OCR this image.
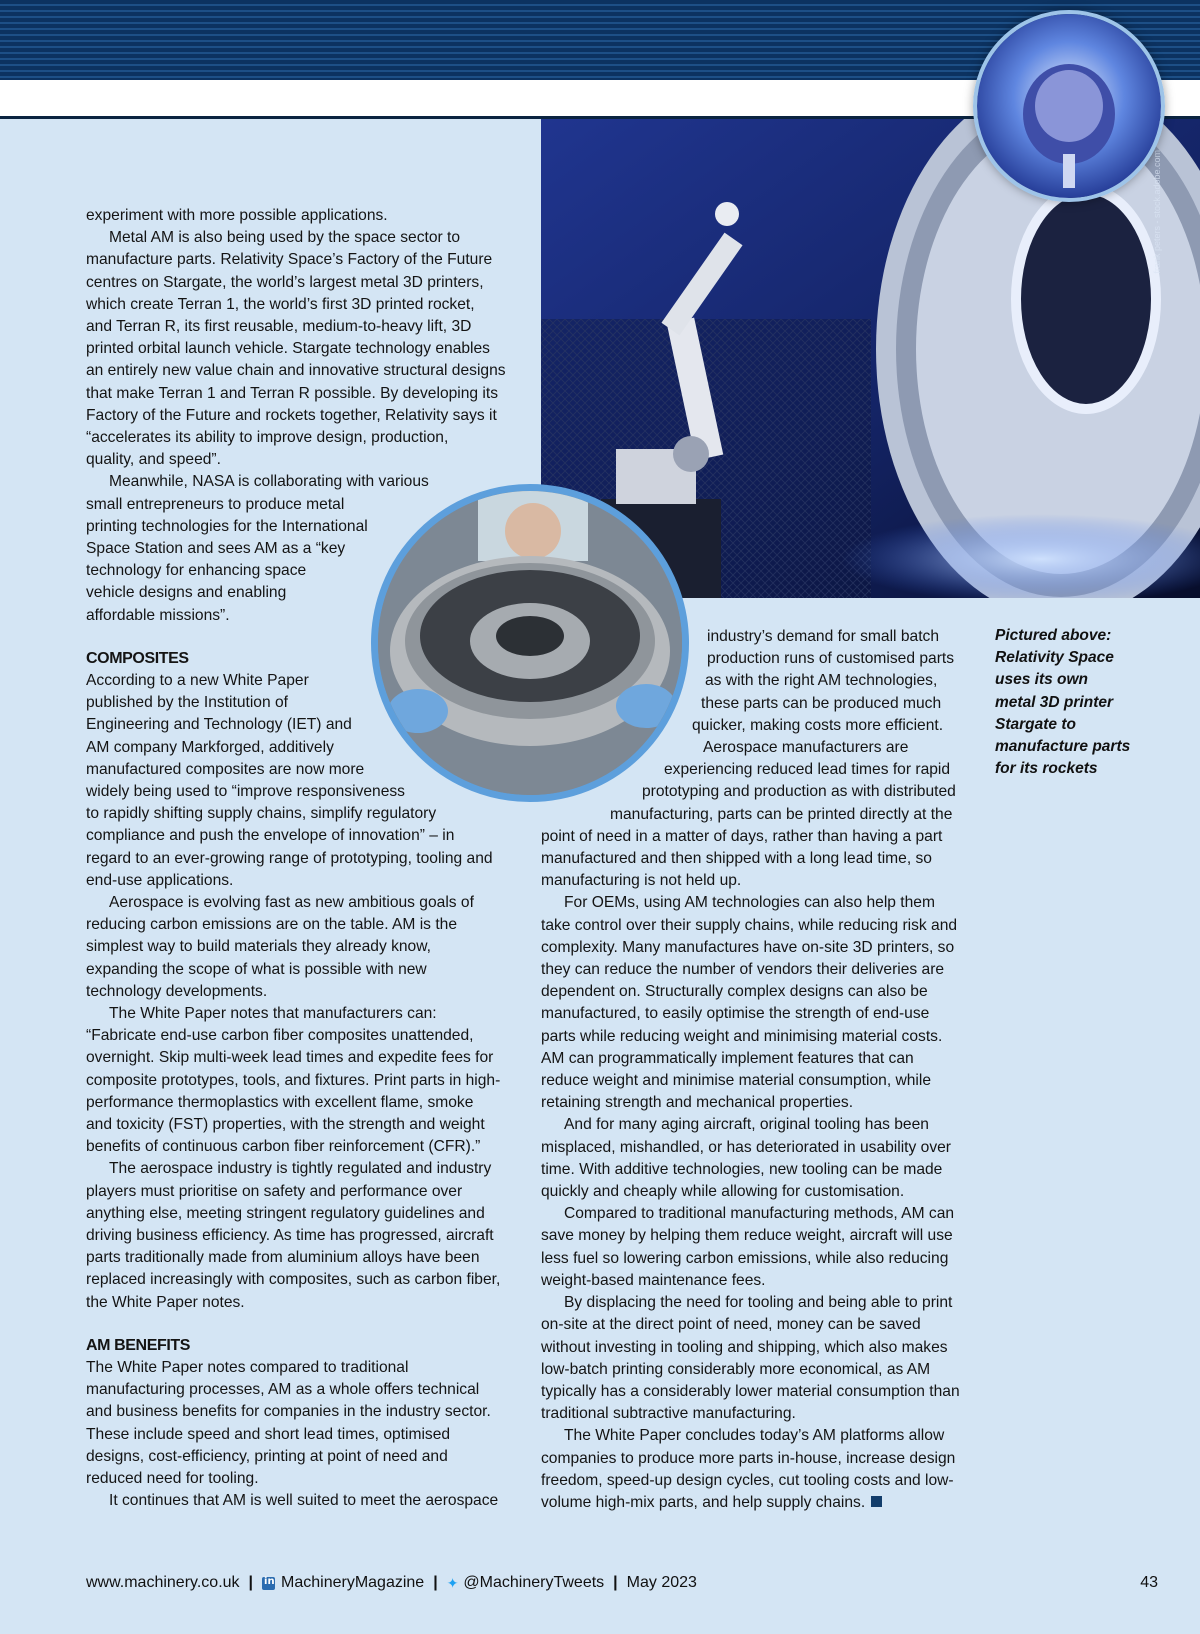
frank peters - stock.adobe.com
experiment with more possible applications.
Metal AM is also being used by the space sector to
manufacture parts. Relativity Space’s Factory of the Future
centres on Stargate, the world’s largest metal 3D printers,
which create Terran 1, the world’s first 3D printed rocket,
and Terran R, its first reusable, medium-to-heavy lift, 3D
printed orbital launch vehicle. Stargate technology enables
an entirely new value chain and innovative structural designs
that make Terran 1 and Terran R possible. By developing its
Factory of the Future and rockets together, Relativity says it
“accelerates its ability to improve design, production,
quality, and speed”.
Meanwhile, NASA is collaborating with various
small entrepreneurs to produce metal
printing technologies for the International
Space Station and sees AM as a “key
technology for enhancing space
vehicle designs and enabling
affordable missions”.
COMPOSITES
According to a new White Paper
published by the Institution of
Engineering and Technology (IET) and
AM company Markforged, additively
manufactured composites are now more
widely being used to “improve responsiveness
to rapidly shifting supply chains, simplify regulatory
compliance and push the envelope of innovation” – in
regard to an ever-growing range of prototyping, tooling and
end-use applications.
Aerospace is evolving fast as new ambitious goals of
reducing carbon emissions are on the table. AM is the
simplest way to build materials they already know,
expanding the scope of what is possible with new
technology developments.
The White Paper notes that manufacturers can:
“Fabricate end-use carbon fiber composites unattended,
overnight. Skip multi-week lead times and expedite fees for
composite prototypes, tools, and fixtures. Print parts in high-
performance thermoplastics with excellent flame, smoke
and toxicity (FST) properties, with the strength and weight
benefits of continuous carbon fiber reinforcement (CFR).”
The aerospace industry is tightly regulated and industry
players must prioritise on safety and performance over
anything else, meeting stringent regulatory guidelines and
driving business efficiency. As time has progressed, aircraft
parts traditionally made from aluminium alloys have been
replaced increasingly with composites, such as carbon fiber,
the White Paper notes.
AM BENEFITS
The White Paper notes compared to traditional
manufacturing processes, AM as a whole offers technical
and business benefits for companies in the industry sector.
These include speed and short lead times, optimised
designs, cost-efficiency, printing at point of need and
reduced need for tooling.
It continues that AM is well suited to meet the aerospace
industry’s demand for small batch
production runs of customised parts
as with the right AM technologies,
these parts can be produced much
quicker, making costs more efficient.
Aerospace manufacturers are
experiencing reduced lead times for rapid
prototyping and production as with distributed
manufacturing, parts can be printed directly at the
point of need in a matter of days, rather than having a part
manufactured and then shipped with a long lead time, so
manufacturing is not held up.
For OEMs, using AM technologies can also help them
take control over their supply chains, while reducing risk and
complexity. Many manufactures have on-site 3D printers, so
they can reduce the number of vendors their deliveries are
dependent on. Structurally complex designs can also be
manufactured, to easily optimise the strength of end-use
parts while reducing weight and minimising material costs.
AM can programmatically implement features that can
reduce weight and minimise material consumption, while
retaining strength and mechanical properties.
And for many aging aircraft, original tooling has been
misplaced, mishandled, or has deteriorated in usability over
time. With additive technologies, new tooling can be made
quickly and cheaply while allowing for customisation.
Compared to traditional manufacturing methods, AM can
save money by helping them reduce weight, aircraft will use
less fuel so lowering carbon emissions, while also reducing
weight-based maintenance fees.
By displacing the need for tooling and being able to print
on-site at the direct point of need, money can be saved
without investing in tooling and shipping, which also makes
low-batch printing considerably more economical, as AM
typically has a considerably lower material consumption than
traditional subtractive manufacturing.
The White Paper concludes today’s AM platforms allow
companies to produce more parts in-house, increase design
freedom, speed-up design cycles, cut tooling costs and low-
volume high-mix parts, and help supply chains.
Pictured above:
Relativity Space
uses its own
metal 3D printer
Stargate to
manufacture parts
for its rockets
www.machinery.co.uk |
in MachineryMagazine | ✦ @MachineryTweets | May 2023	43
